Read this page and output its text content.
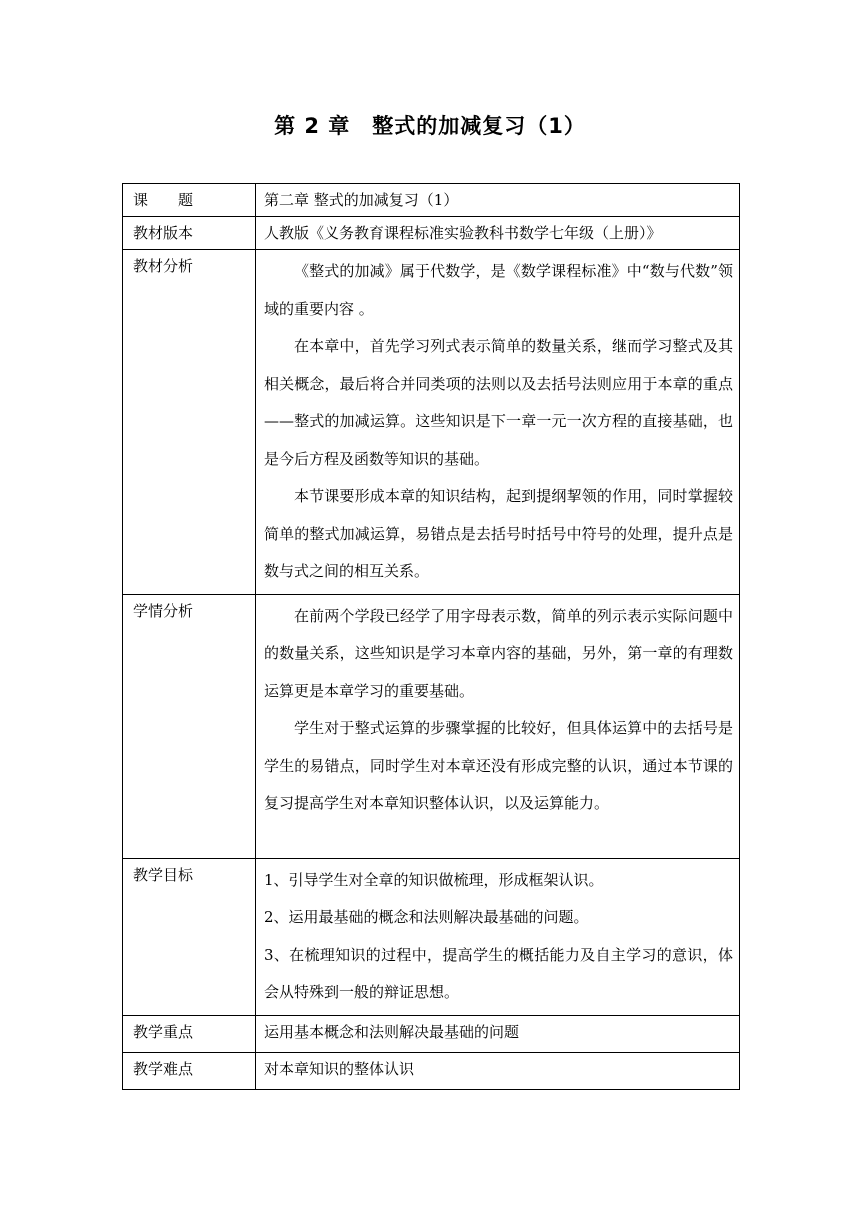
第 2 章　整式的加减复习（1）
课　　题	第二章 整式的加减复习（1）
教材版本	人教版《义务教育课程标准实验教科书数学七年级（上册）》
教材分析	《整式的加减》属于代数学，是《数学课程标准》中“数与代数”领域的重要内容 。

在本章中，首先学习列式表示简单的数量关系，继而学习整式及其相关概念，最后将合并同类项的法则以及去括号法则应用于本章的重点——整式的加减运算。这些知识是下一章一元一次方程的直接基础，也是今后方程及函数等知识的基础。

本节课要形成本章的知识结构，起到提纲挈领的作用，同时掌握较简单的整式加减运算，易错点是去括号时括号中符号的处理，提升点是数与式之间的相互关系。

学情分析	在前两个学段已经学了用字母表示数，简单的列示表示实际问题中的数量关系，这些知识是学习本章内容的基础，另外，第一章的有理数运算更是本章学习的重要基础。

学生对于整式运算的步骤掌握的比较好，但具体运算中的去括号是学生的易错点，同时学生对本章还没有形成完整的认识，通过本节课的复习提高学生对本章知识整体认识，以及运算能力。

教学目标	1、引导学生对全章的知识做梳理，形成框架认识。

2、运用最基础的概念和法则解决最基础的问题。

3、在梳理知识的过程中，提高学生的概括能力及自主学习的意识，体会从特殊到一般的辩证思想。

教学重点	运用基本概念和法则解决最基础的问题
教学难点	对本章知识的整体认识
